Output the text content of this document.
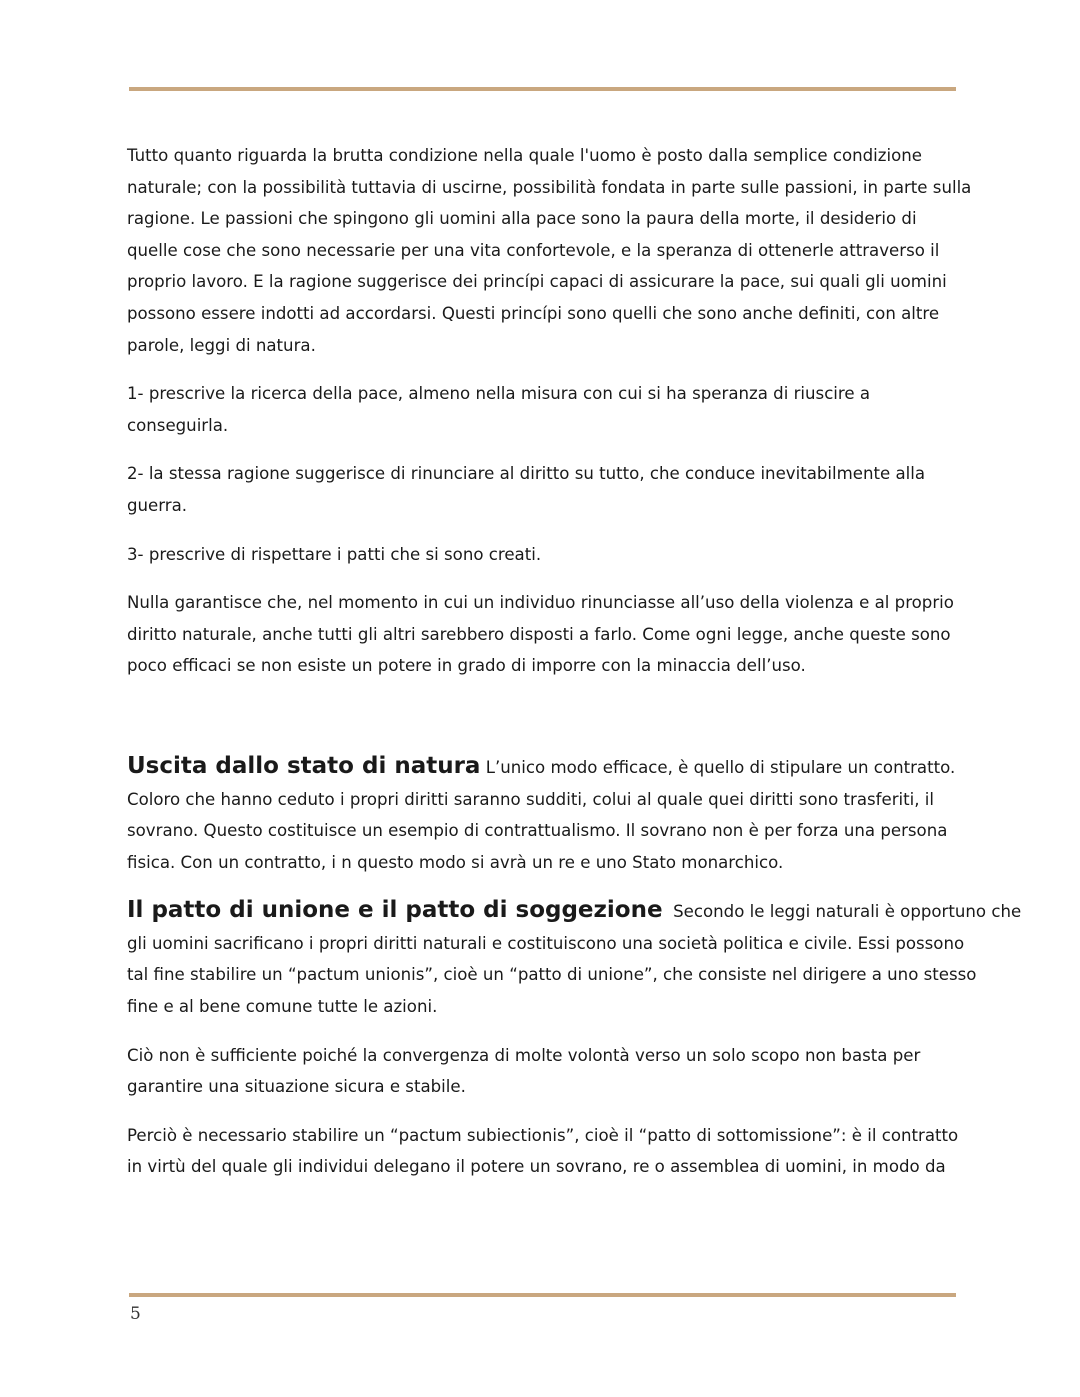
Tutto quanto riguarda la brutta condizione nella quale l'uomo è posto dalla semplice condizione
naturale; con la possibilità tuttavia di uscirne, possibilità fondata in parte sulle passioni, in parte sulla
ragione. Le passioni che spingono gli uomini alla pace sono la paura della morte, il desiderio di
quelle cose che sono necessarie per una vita confortevole, e la speranza di ottenerle attraverso il
proprio lavoro. E la ragione suggerisce dei princípi capaci di assicurare la pace, sui quali gli uomini
possono essere indotti ad accordarsi. Questi princípi sono quelli che sono anche definiti, con altre
parole, leggi di natura.

1- prescrive la ricerca della pace, almeno nella misura con cui si ha speranza di riuscire a
conseguirla.

2- la stessa ragione suggerisce di rinunciare al diritto su tutto, che conduce inevitabilmente alla
guerra.

3- prescrive di rispettare i patti che si sono creati.

Nulla garantisce che, nel momento in cui un individuo rinunciasse all’uso della violenza e al proprio
diritto naturale, anche tutti gli altri sarebbero disposti a farlo. Come ogni legge, anche queste sono
poco efficaci se non esiste un potere in grado di imporre con la minaccia dell’uso.

Uscita dallo stato di natura L’unico modo efficace, è quello di stipulare un contratto.
Coloro che hanno ceduto i propri diritti saranno sudditi, colui al quale quei diritti sono trasferiti, il
sovrano. Questo costituisce un esempio di contrattualismo. Il sovrano non è per forza una persona
fisica. Con un contratto, i n questo modo si avrà un re e uno Stato monarchico.

Il patto di unione e il patto di soggezione  Secondo le leggi naturali è opportuno che
gli uomini sacrificano i propri diritti naturali e costituiscono una società politica e civile. Essi possono
tal fine stabilire un “pactum unionis”, cioè un “patto di unione”, che consiste nel dirigere a uno stesso
fine e al bene comune tutte le azioni.

Ciò non è sufficiente poiché la convergenza di molte volontà verso un solo scopo non basta per
garantire una situazione sicura e stabile.

Perciò è necessario stabilire un “pactum subiectionis”, cioè il “patto di sottomissione”: è il contratto
in virtù del quale gli individui delegano il potere un sovrano, re o assemblea di uomini, in modo da

5
